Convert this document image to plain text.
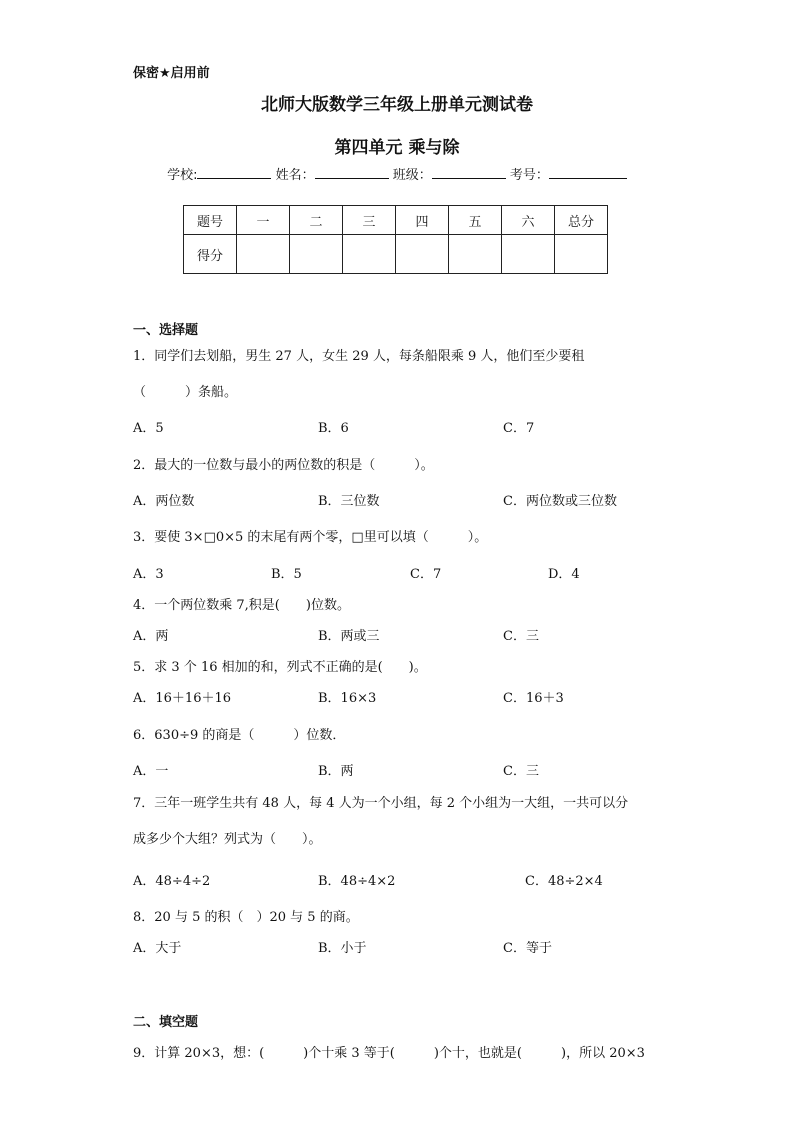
保密★启用前
北师大版数学三年级上册单元测试卷
第四单元 乘与除
学校:	姓名：	班级：	考号：
题号	一	二	三	四	五	六	总分
得分							
一、选择题
1．同学们去划船，男生 27 人，女生 29 人，每条船限乘 9 人，他们至少要租
（　　　）条船。
A．5	B．6	C．7
2．最大的一位数与最小的两位数的积是（　　　）。
A．两位数	B．三位数	C．两位数或三位数
3．要使 3×□0×5 的末尾有两个零，□里可以填（　　　）。
A．3	B．5	C．7	D．4
4．一个两位数乘 7,积是(　　)位数。
A．两	B．两或三	C．三
5．求 3 个 16 相加的和，列式不正确的是(　　)。
A．16＋16＋16	B．16×3	C．16＋3
6．630÷9 的商是（　　　）位数．
A．一	B．两	C．三
7．三年一班学生共有 48 人，每 4 人为一个小组，每 2 个小组为一大组，一共可以分
成多少个大组？列式为（　　）。
A．48÷4÷2	B．48÷4×2	C．48÷2×4
8．20 与 5 的积（　）20 与 5 的商。
A．大于	B．小于	C．等于
二、填空题
9．计算 20×3，想：(　　　)个十乘 3 等于(　　　)个十，也就是(　　　)，所以 20×3
